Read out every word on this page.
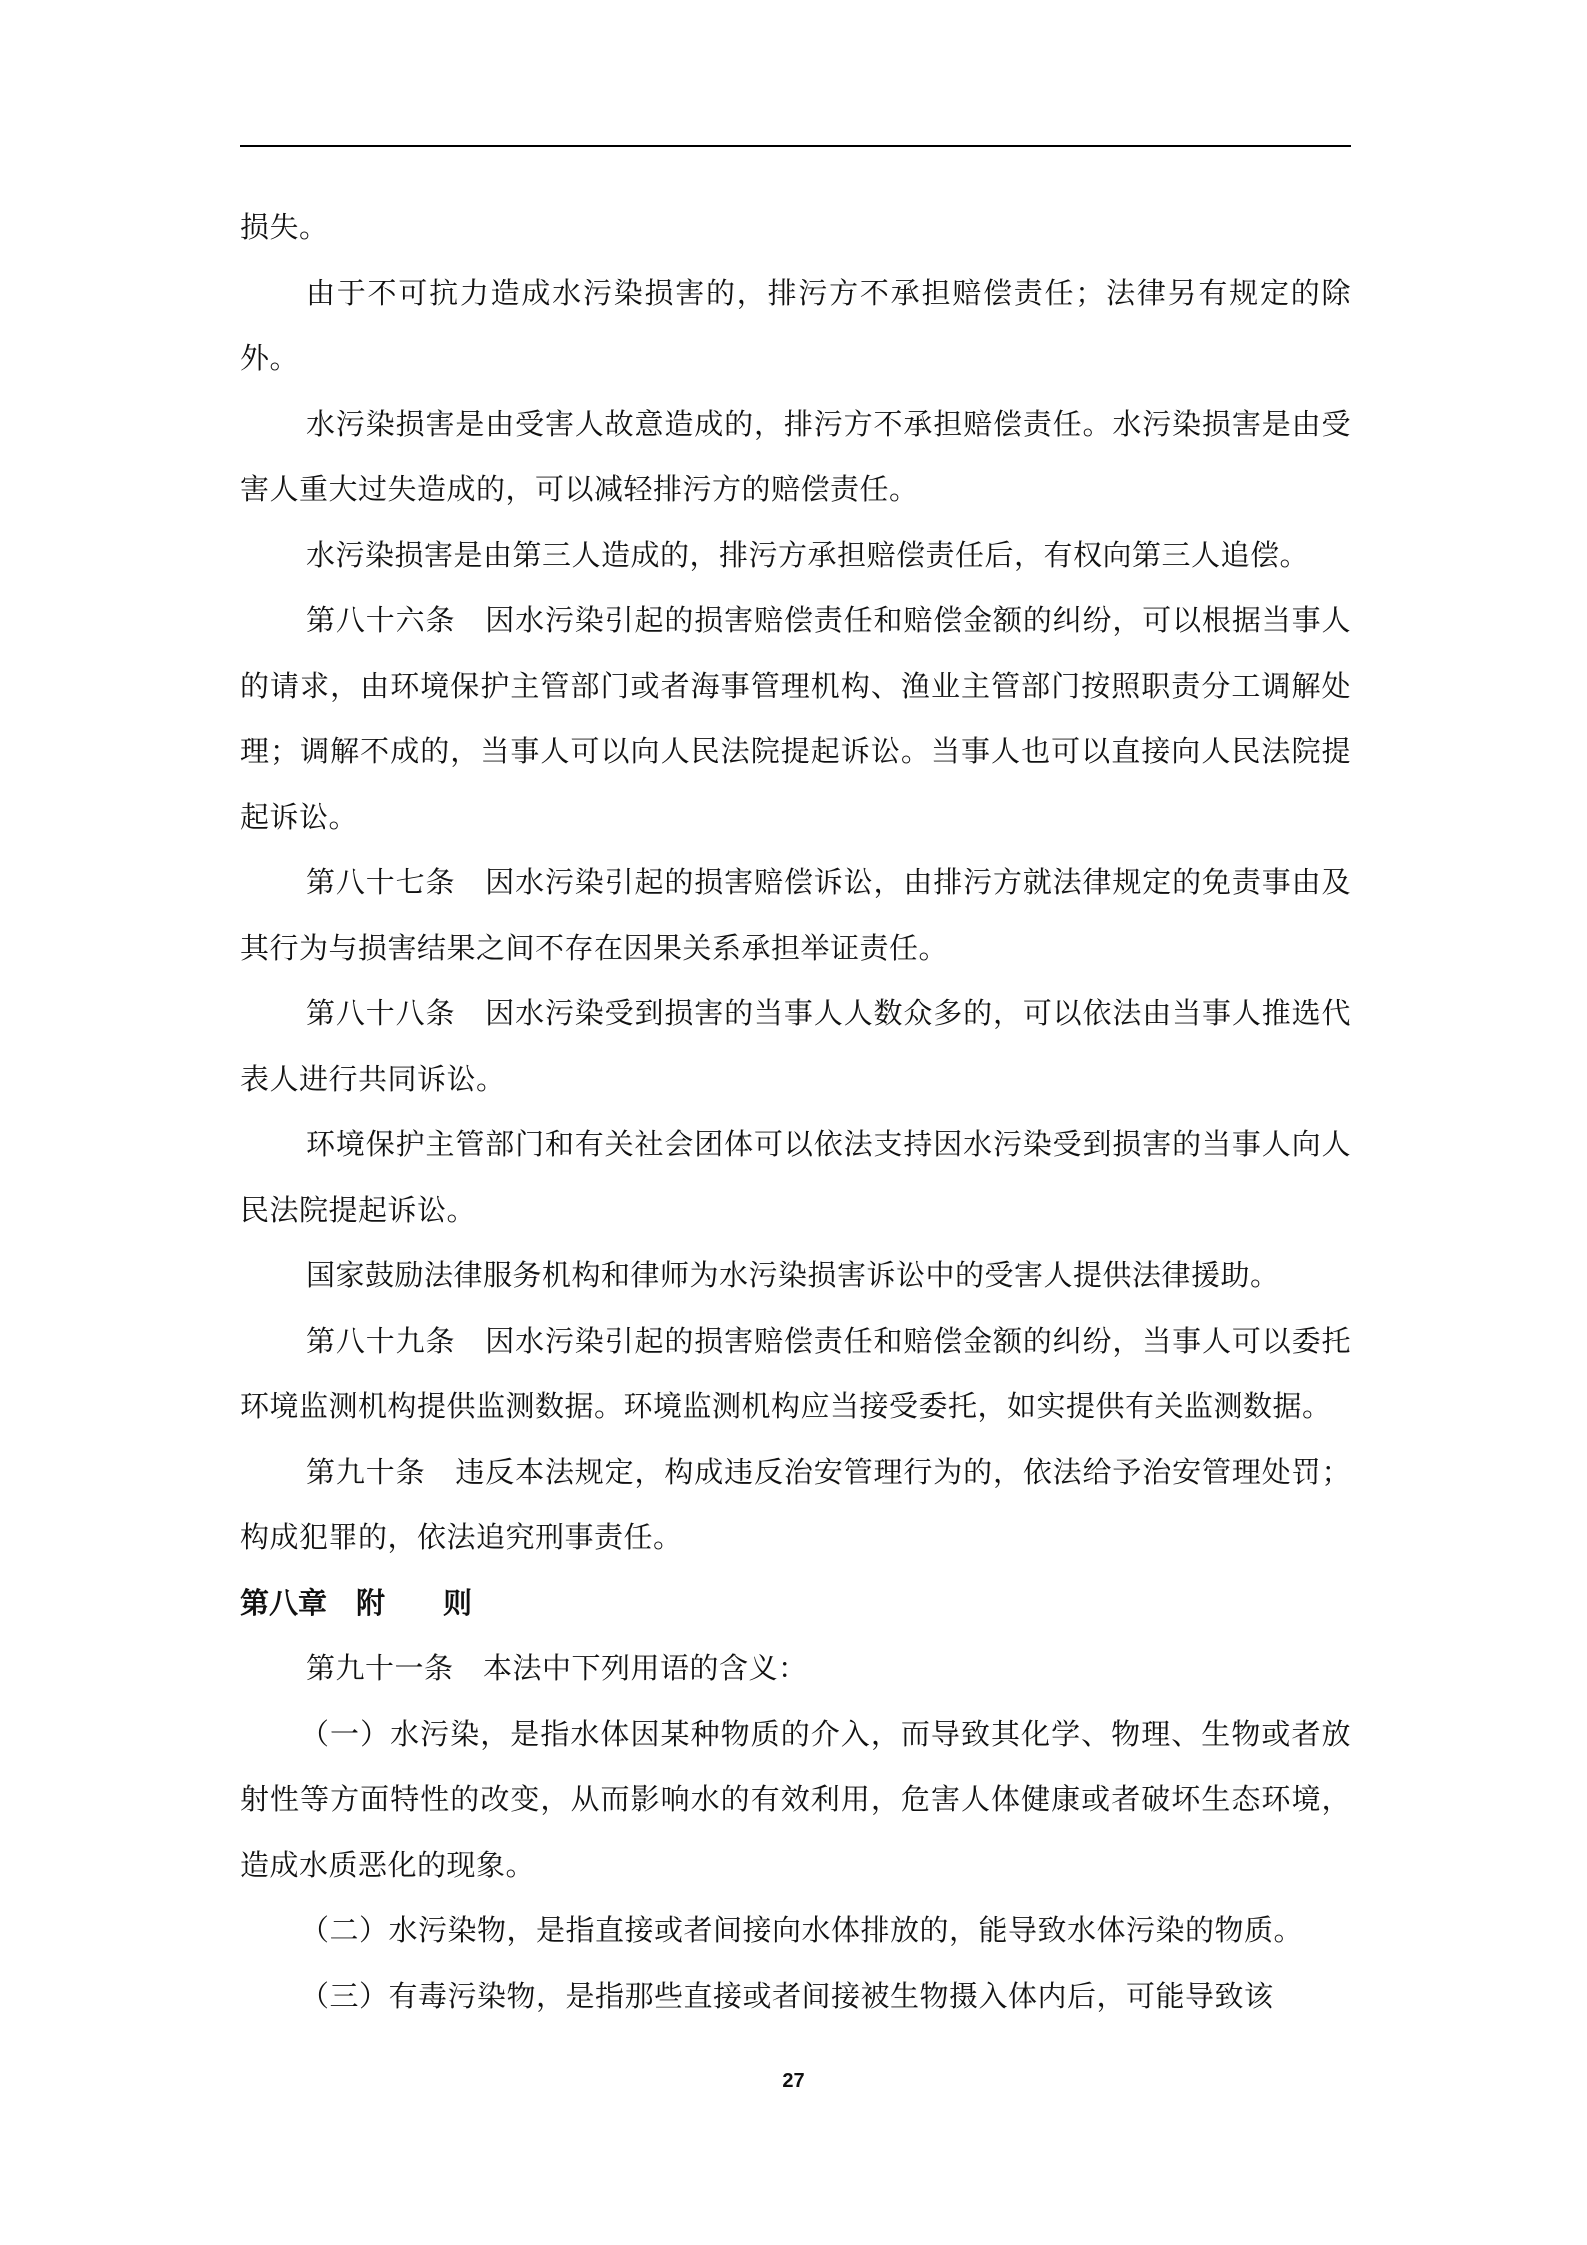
损失。

由于不可抗力造成水污染损害的，排污方不承担赔偿责任；法律另有规定的除外。

水污染损害是由受害人故意造成的，排污方不承担赔偿责任。水污染损害是由受害人重大过失造成的，可以减轻排污方的赔偿责任。

水污染损害是由第三人造成的，排污方承担赔偿责任后，有权向第三人追偿。

第八十六条　因水污染引起的损害赔偿责任和赔偿金额的纠纷，可以根据当事人的请求，由环境保护主管部门或者海事管理机构、渔业主管部门按照职责分工调解处理；调解不成的，当事人可以向人民法院提起诉讼。当事人也可以直接向人民法院提起诉讼。

第八十七条　因水污染引起的损害赔偿诉讼，由排污方就法律规定的免责事由及其行为与损害结果之间不存在因果关系承担举证责任。

第八十八条　因水污染受到损害的当事人人数众多的，可以依法由当事人推选代表人进行共同诉讼。

环境保护主管部门和有关社会团体可以依法支持因水污染受到损害的当事人向人民法院提起诉讼。

国家鼓励法律服务机构和律师为水污染损害诉讼中的受害人提供法律援助。

第八十九条　因水污染引起的损害赔偿责任和赔偿金额的纠纷，当事人可以委托环境监测机构提供监测数据。环境监测机构应当接受委托，如实提供有关监测数据。

第九十条　违反本法规定，构成违反治安管理行为的，依法给予治安管理处罚；构成犯罪的，依法追究刑事责任。

第八章　附　　则

第九十一条　本法中下列用语的含义：

（一）水污染，是指水体因某种物质的介入，而导致其化学、物理、生物或者放射性等方面特性的改变，从而影响水的有效利用，危害人体健康或者破坏生态环境，造成水质恶化的现象。

（二）水污染物，是指直接或者间接向水体排放的，能导致水体污染的物质。

（三）有毒污染物，是指那些直接或者间接被生物摄入体内后，可能导致该

27
